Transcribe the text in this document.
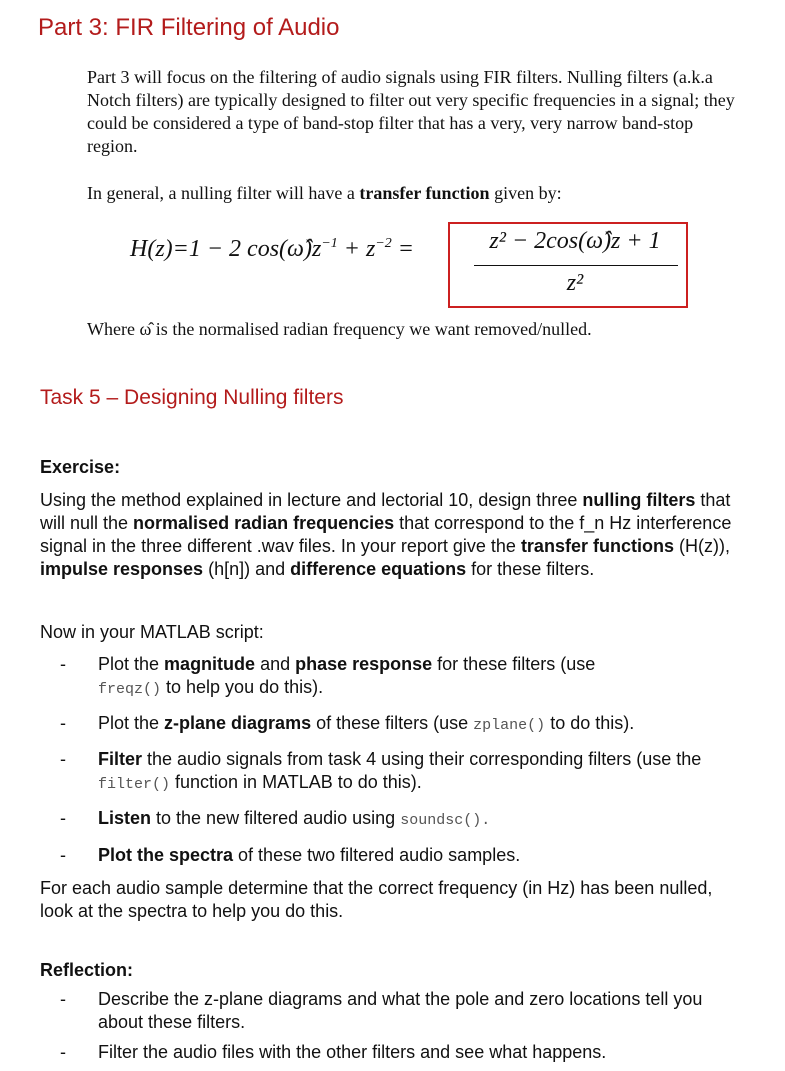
Part 3: FIR Filtering of Audio
Part 3 will focus on the filtering of audio signals using FIR filters. Nulling filters (a.k.a Notch filters) are typically designed to filter out very specific frequencies in a signal; they could be considered a type of band-stop filter that has a very, very narrow band-stop region.
In general, a nulling filter will have a transfer function given by:
H(z)=1 − 2 $\cos(\omegâ)z^{-1} + z^{-2}$ =	z² − 2cos(ω̂)z + 1
z²
Where ω̂ is the normalised radian frequency we want removed/nulled.
Task 5 – Designing Nulling filters
Exercise:
Using the method explained in lecture and lectorial 10, design three nulling filters that will null the normalised radian frequencies that correspond to the f_n Hz interference signal in the three different .wav files. In your report give the transfer functions (H(z)), impulse responses (h[n]) and difference equations for these filters.
Now in your MATLAB script:
- Plot the magnitude and phase response for these filters (use
freqz() to help you do this).
- Plot the z-plane diagrams of these filters (use zplane() to do this).
- Filter the audio signals from task 4 using their corresponding filters (use the filter() function in MATLAB to do this).
- Listen to the new filtered audio using soundsc().
- Plot the spectra of these two filtered audio samples.
For each audio sample determine that the correct frequency (in Hz) has been nulled, look at the spectra to help you do this.
Reflection:
- Describe the z-plane diagrams and what the pole and zero locations tell you about these filters.
- Filter the audio files with the other filters and see what happens.
